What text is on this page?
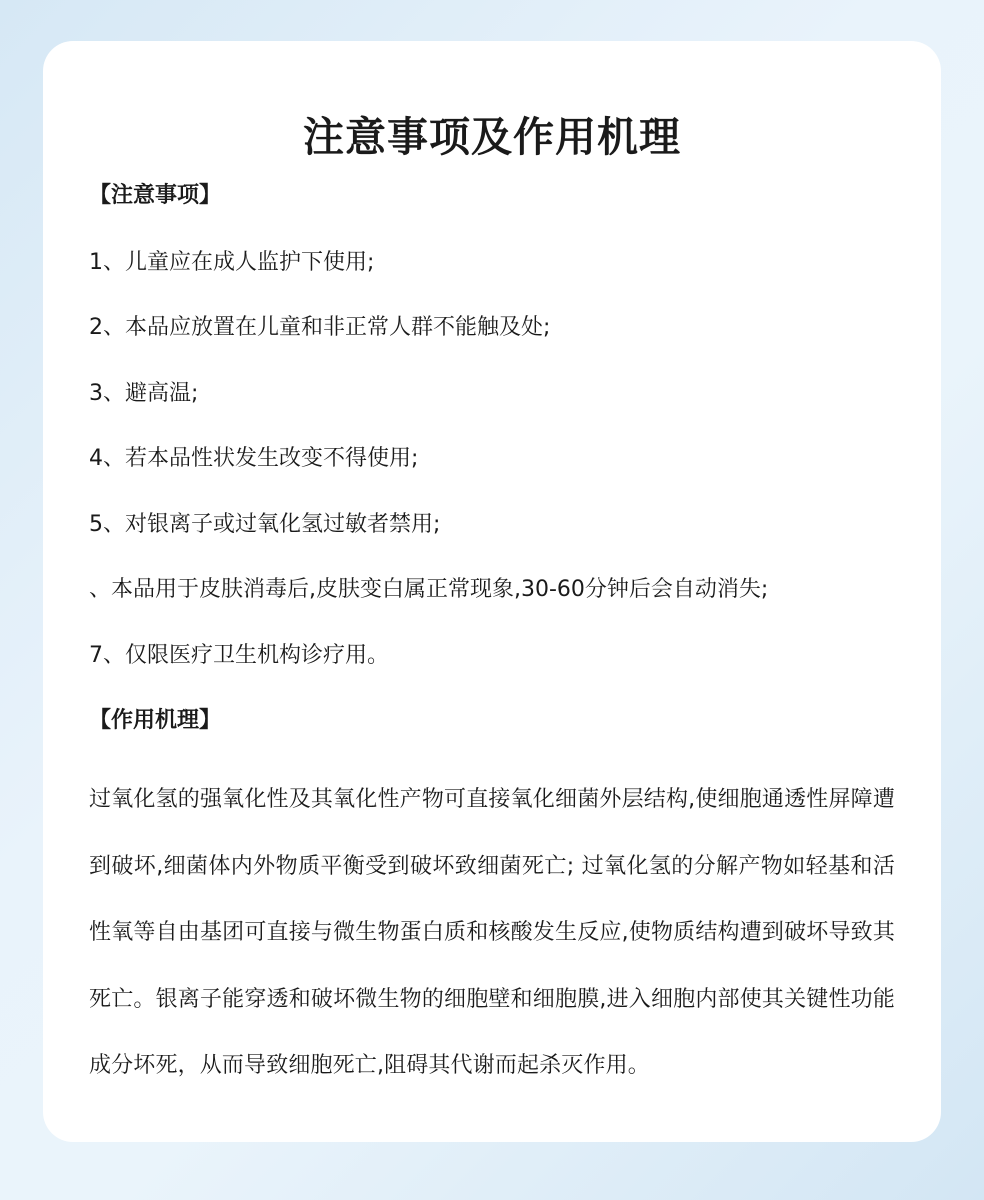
注意事项及作用机理
【注意事项】
1、儿童应在成人监护下使用;
2、本品应放置在儿童和非正常人群不能触及处;
3、避高温;
4、若本品性状发生改变不得使用;
5、对银离子或过氧化氢过敏者禁用;
、本品用于皮肤消毒后,皮肤变白属正常现象,30-60分钟后会自动消失;
7、仅限医疗卫生机构诊疗用。
【作用机理】
过氧化氢的强氧化性及其氧化性产物可直接氧化细菌外层结构,使细胞通透性屏障遭到破坏,细菌体内外物质平衡受到破坏致细菌死亡; 过氧化氢的分解产物如轻基和活性氧等自由基团可直接与微生物蛋白质和核酸发生反应,使物质结构遭到破坏导致其死亡。银离子能穿透和破坏微生物的细胞壁和细胞膜,进入细胞内部使其关键性功能成分坏死，从而导致细胞死亡,阻碍其代谢而起杀灭作用。
